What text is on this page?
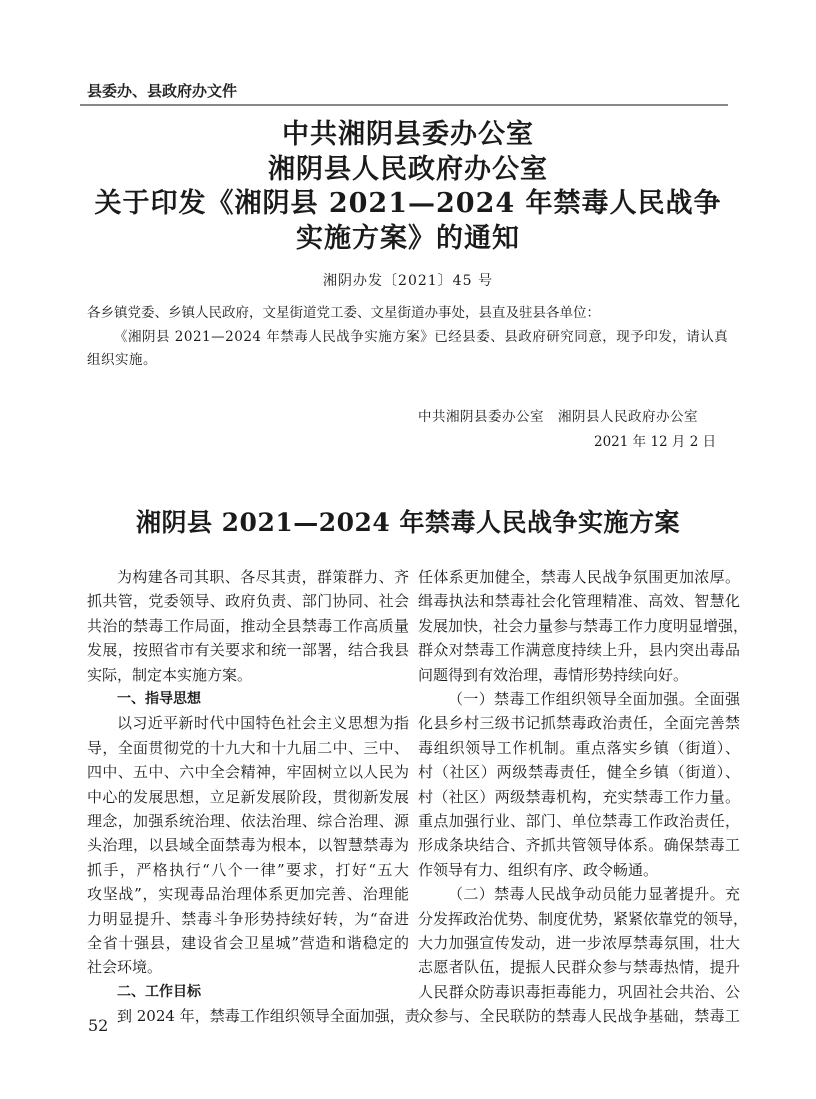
县委办、县政府办文件
中共湘阴县委办公室
湘阴县人民政府办公室
关于印发《湘阴县 2021—2024 年禁毒人民战争
实施方案》的通知
湘阴办发〔2021〕45 号
各乡镇党委、乡镇人民政府，文星街道党工委、文星街道办事处，县直及驻县各单位：
《湘阴县 2021—2024 年禁毒人民战争实施方案》已经县委、县政府研究同意，现予印发，请认真组织实施。
中共湘阴县委办公室　湘阴县人民政府办公室
2021 年 12 月 2 日
湘阴县 2021—2024 年禁毒人民战争实施方案
为构建各司其职、各尽其责，群策群力、齐
抓共管，党委领导、政府负责、部门协同、社会
共治的禁毒工作局面，推动全县禁毒工作高质量
发展，按照省市有关要求和统一部署，结合我县
实际，制定本实施方案。
一、指导思想
以习近平新时代中国特色社会主义思想为指
导，全面贯彻党的十九大和十九届二中、三中、
四中、五中、六中全会精神，牢固树立以人民为
中心的发展思想，立足新发展阶段，贯彻新发展
理念，加强系统治理、依法治理、综合治理、源
头治理，以县域全面禁毒为根本，以智慧禁毒为
抓手，严格执行“八个一律”要求，打好“五大
攻坚战”，实现毒品治理体系更加完善、治理能
力明显提升、禁毒斗争形势持续好转，为“奋进
全省十强县，建设省会卫星城”营造和谐稳定的
社会环境。
二、工作目标
到 2024 年，禁毒工作组织领导全面加强，责
任体系更加健全，禁毒人民战争氛围更加浓厚。
缉毒执法和禁毒社会化管理精准、高效、智慧化
发展加快，社会力量参与禁毒工作力度明显增强，
群众对禁毒工作满意度持续上升，县内突出毒品
问题得到有效治理，毒情形势持续向好。
（一）禁毒工作组织领导全面加强。全面强
化县乡村三级书记抓禁毒政治责任，全面完善禁
毒组织领导工作机制。重点落实乡镇（街道）、
村（社区）两级禁毒责任，健全乡镇（街道）、
村（社区）两级禁毒机构，充实禁毒工作力量。
重点加强行业、部门、单位禁毒工作政治责任，
形成条块结合、齐抓共管领导体系。确保禁毒工
作领导有力、组织有序、政令畅通。
（二）禁毒人民战争动员能力显著提升。充
分发挥政治优势、制度优势，紧紧依靠党的领导，
大力加强宣传发动，进一步浓厚禁毒氛围，壮大
志愿者队伍，提振人民群众参与禁毒热情，提升
人民群众防毒识毒拒毒能力，巩固社会共治、公
众参与、全民联防的禁毒人民战争基础，禁毒工
52
